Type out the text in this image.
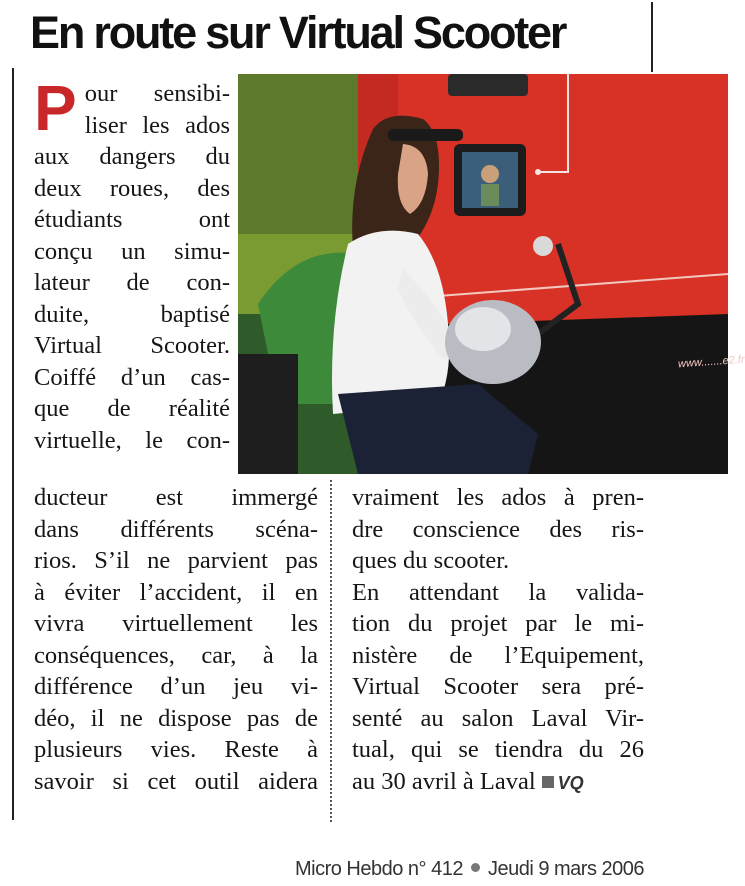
En route sur Virtual Scooter
www.......e2.fr
P our sensibi-
liser les ados
aux dangers du
deux roues, des
étudiants ont
conçu un simu-
lateur de con-
duite, baptisé
Virtual Scooter.
Coiffé d’un cas-
que de réalité
virtuelle, le con-
ducteur est immergé
dans différents scéna-
rios. S’il ne parvient pas
à éviter l’accident, il en
vivra virtuellement les
conséquences, car, à la
différence d’un jeu vi-
déo, il ne dispose pas de
plusieurs vies. Reste à
savoir si cet outil aidera
vraiment les ados à pren-
dre conscience des ris-
ques du scooter.
En attendant la valida-
tion du projet par le mi-
nistère de l’Equipement,
Virtual Scooter sera pré-
senté au salon Laval Vir-
tual, qui se tiendra du 26
au 30 avril à Laval VQ
Micro Hebdo n° 412 Jeudi 9 mars 2006
